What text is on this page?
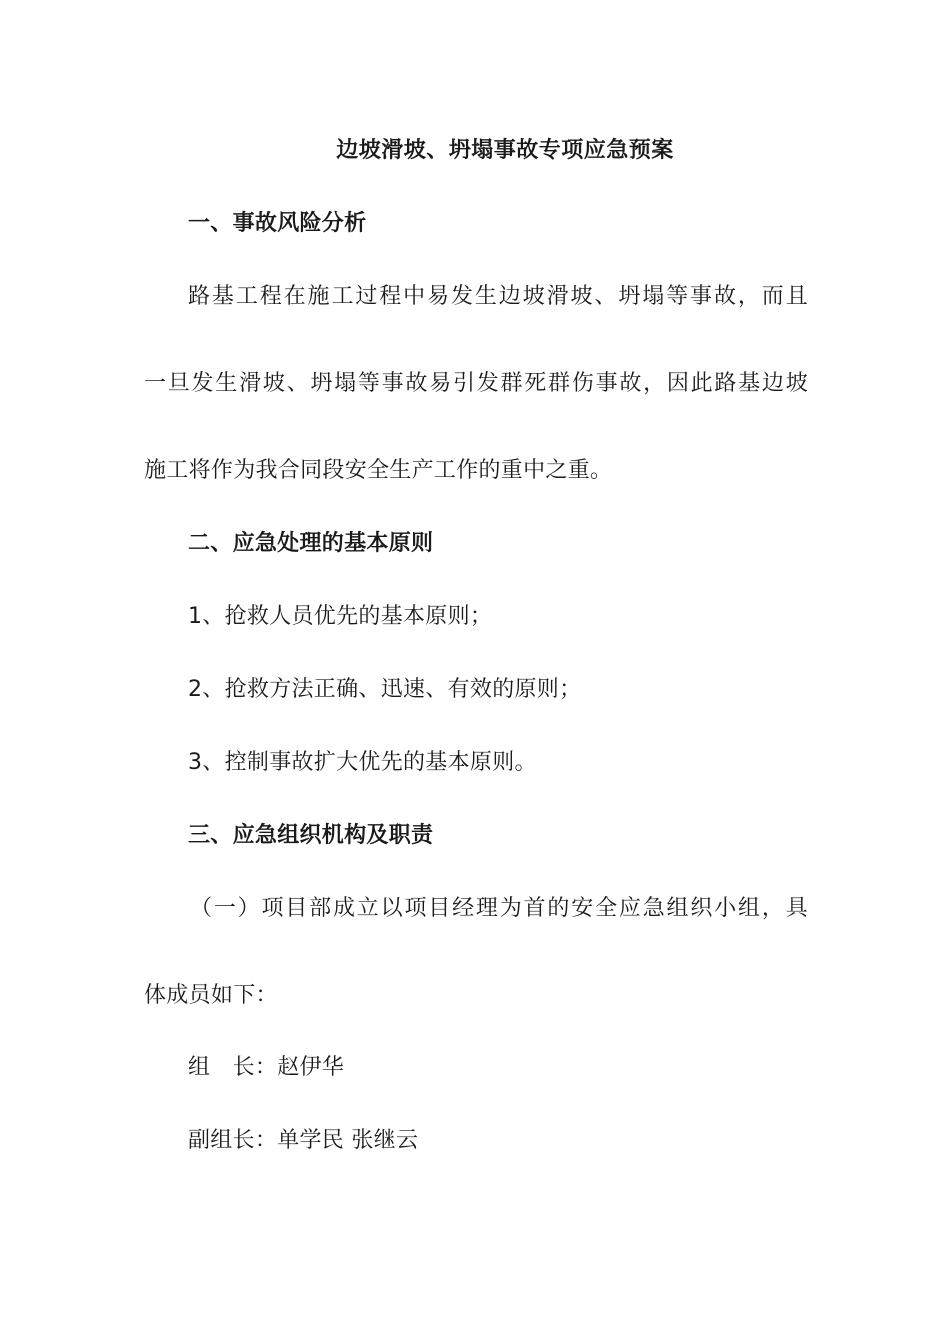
边坡滑坡、坍塌事故专项应急预案
一、事故风险分析
路基工程在施工过程中易发生边坡滑坡、坍塌等事故，而且
一旦发生滑坡、坍塌等事故易引发群死群伤事故，因此路基边坡
施工将作为我合同段安全生产工作的重中之重。
二、应急处理的基本原则
1、抢救人员优先的基本原则；
2、抢救方法正确、迅速、有效的原则；
3、控制事故扩大优先的基本原则。
三、应急组织机构及职责
（一）项目部成立以项目经理为首的安全应急组织小组，具
体成员如下：
组　长：赵伊华
副组长：单学民 张继云
